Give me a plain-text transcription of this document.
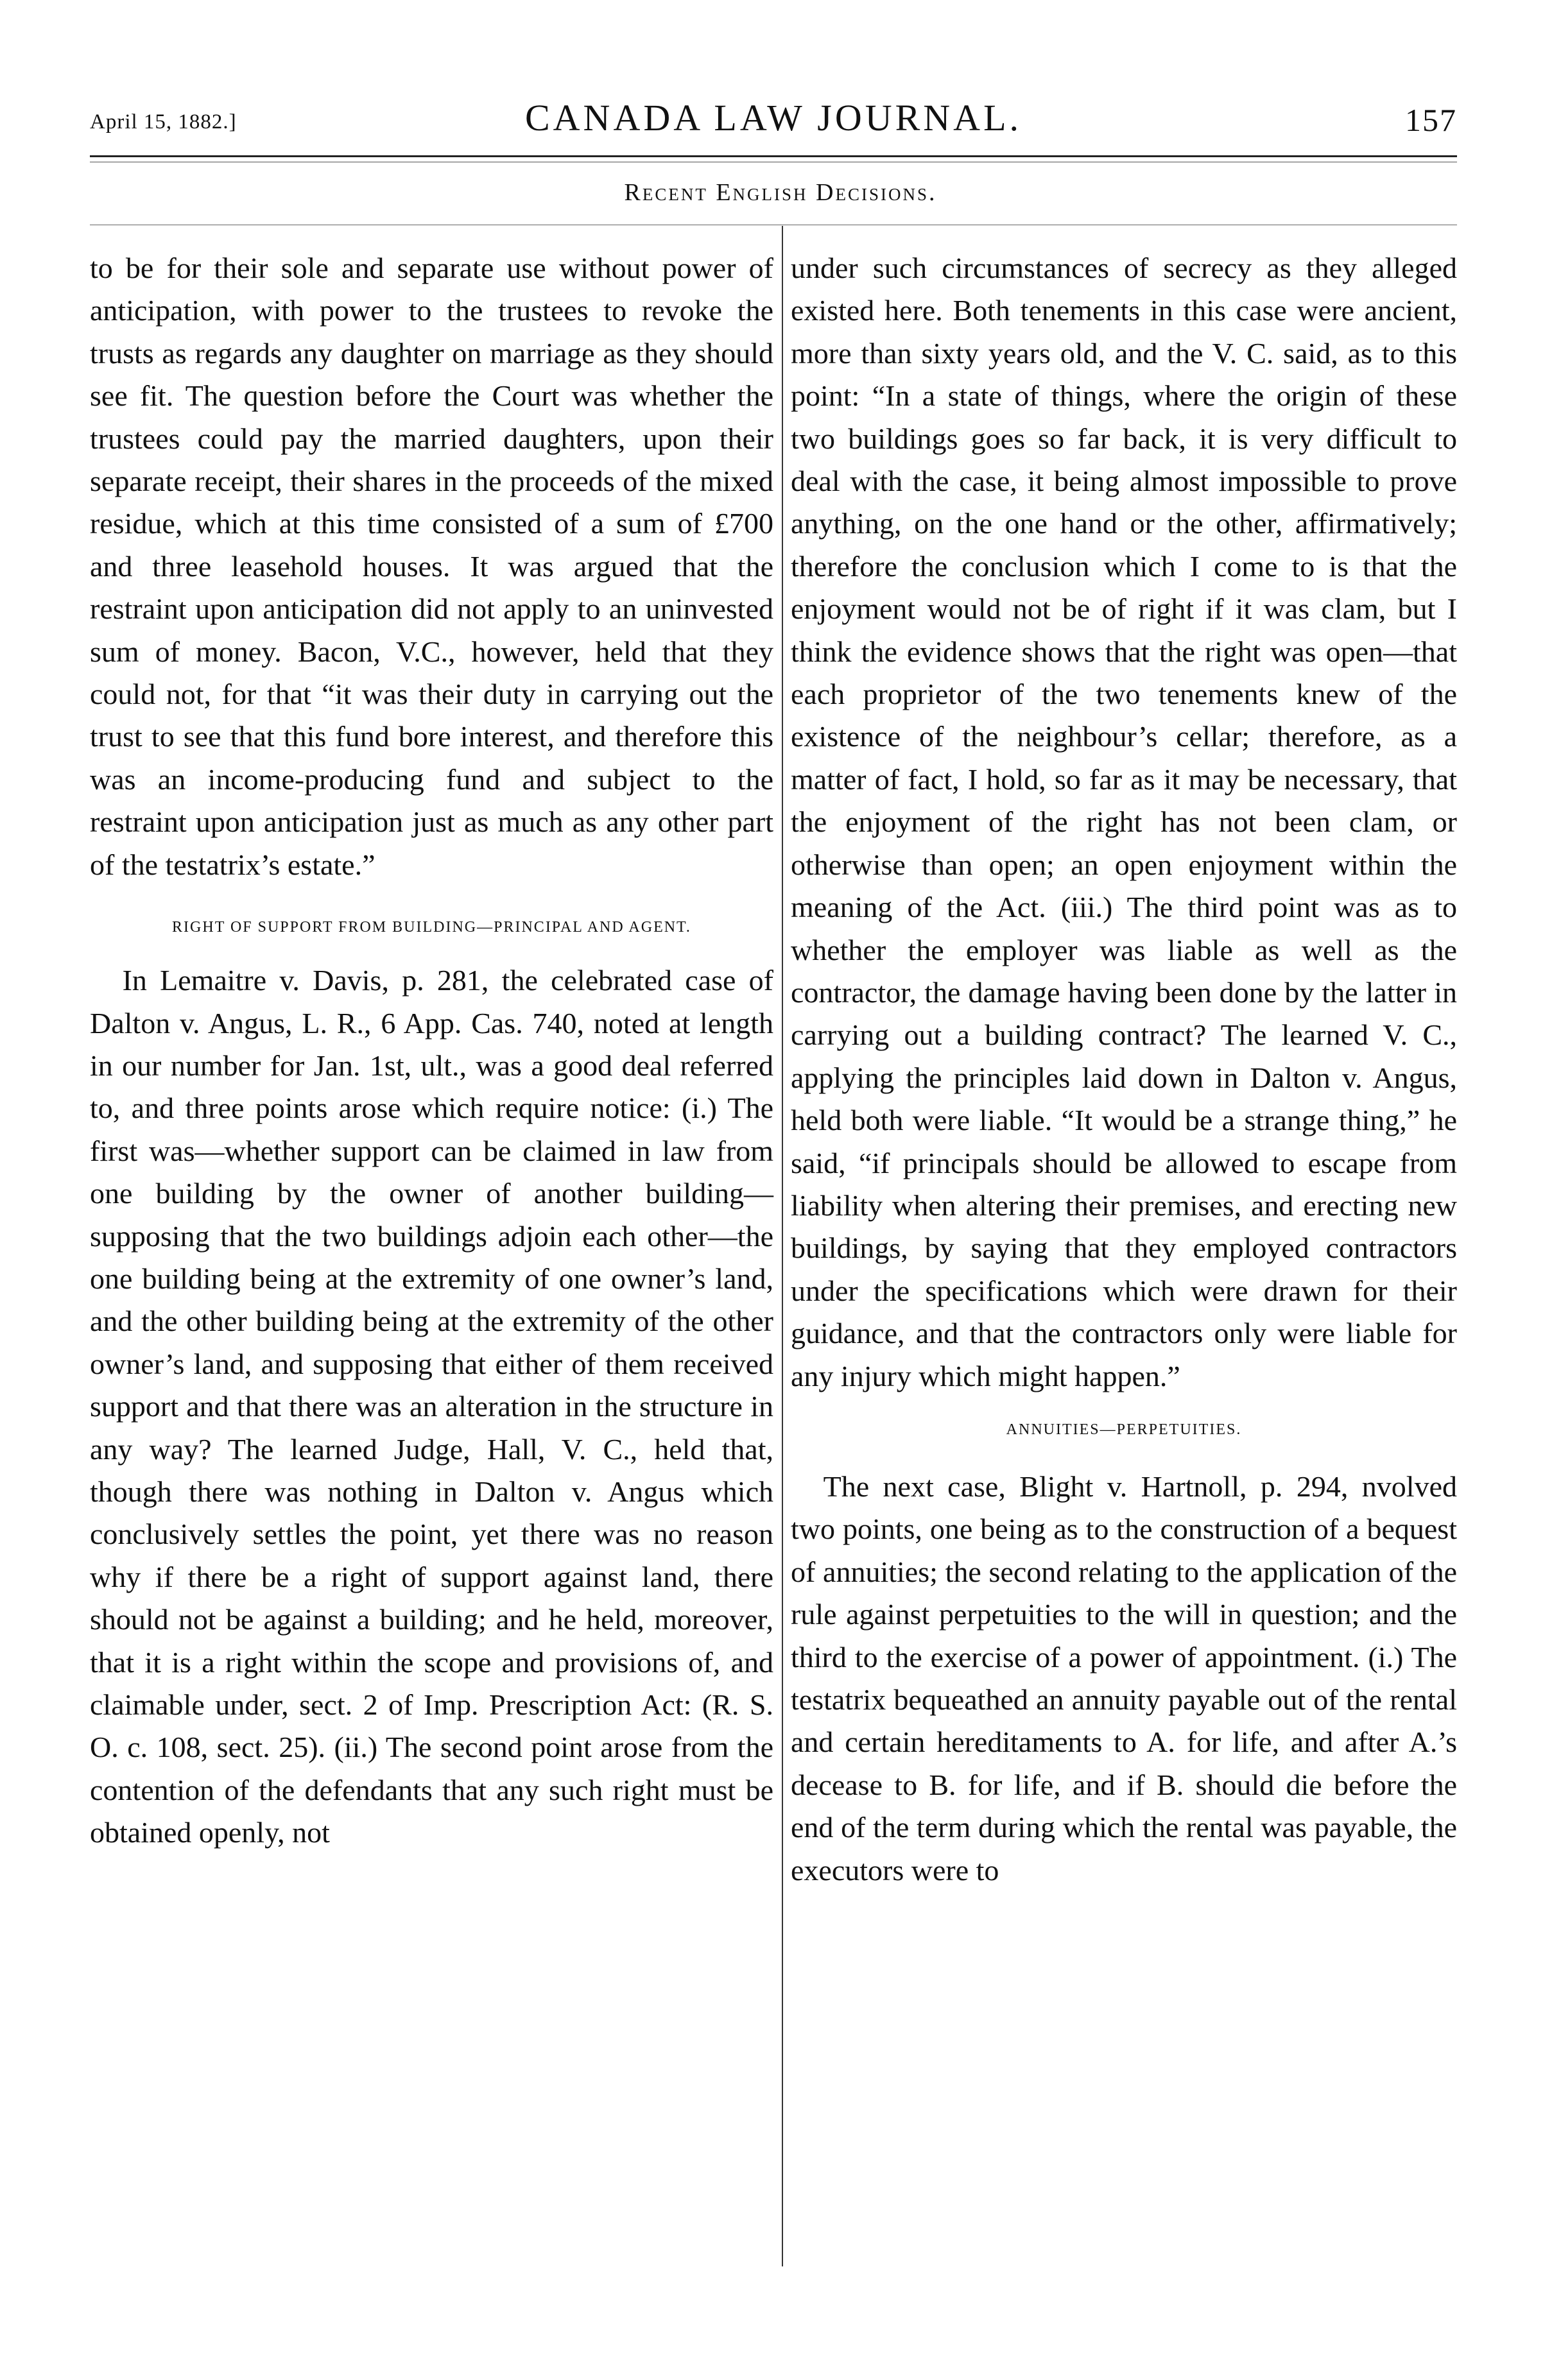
April 15, 1882.]	CANADA LAW JOURNAL.	157
Recent English Decisions.

to be for their sole and separate use without power of anticipation, with power to the trustees to revoke the trusts as regards any daughter on marriage as they should see fit. The question before the Court was whether the trustees could pay the married daughters, upon their separate receipt, their shares in the proceeds of the mixed residue, which at this time consisted of a sum of £700 and three leasehold houses. It was argued that the restraint upon anticipation did not apply to an uninvested sum of money. Bacon, V.C., however, held that they could not, for that “it was their duty in carrying out the trust to see that this fund bore interest, and therefore this was an income-producing fund and subject to the restraint upon anticipation just as much as any other part of the testatrix’s estate.”

RIGHT OF SUPPORT FROM BUILDING—PRINCIPAL AND AGENT.

In Lemaitre v. Davis, p. 281, the celebrated case of Dalton v. Angus, L. R., 6 App. Cas. 740, noted at length in our number for Jan. 1st, ult., was a good deal referred to, and three points arose which require notice: (i.) The first was—whether support can be claimed in law from one building by the owner of another building—supposing that the two buildings adjoin each other—the one building being at the extremity of one owner’s land, and the other building being at the extremity of the other owner’s land, and supposing that either of them received support and that there was an alteration in the structure in any way? The learned Judge, Hall, V. C., held that, though there was nothing in Dalton v. Angus which conclusively settles the point, yet there was no reason why if there be a right of support against land, there should not be against a building; and he held, moreover, that it is a right within the scope and provisions of, and claimable under, sect. 2 of Imp. Prescription Act: (R. S. O. c. 108, sect. 25). (ii.) The second point arose from the contention of the defendants that any such right must be obtained openly, not

under such circumstances of secrecy as they alleged existed here. Both tenements in this case were ancient, more than sixty years old, and the V. C. said, as to this point: “In a state of things, where the origin of these two buildings goes so far back, it is very difficult to deal with the case, it being almost impossible to prove anything, on the one hand or the other, affirmatively; therefore the conclusion which I come to is that the enjoyment would not be of right if it was clam, but I think the evidence shows that the right was open—that each proprietor of the two tenements knew of the existence of the neighbour’s cellar; therefore, as a matter of fact, I hold, so far as it may be necessary, that the enjoyment of the right has not been clam, or otherwise than open; an open enjoyment within the meaning of the Act. (iii.) The third point was as to whether the employer was liable as well as the contractor, the damage having been done by the latter in carrying out a building contract? The learned V. C., applying the principles laid down in Dalton v. Angus, held both were liable. “It would be a strange thing,” he said, “if principals should be allowed to escape from liability when altering their premises, and erecting new buildings, by saying that they employed contractors under the specifications which were drawn for their guidance, and that the contractors only were liable for any injury which might happen.”

ANNUITIES—PERPETUITIES.

The next case, Blight v. Hartnoll, p. 294, nvolved two points, one being as to the construction of a bequest of annuities; the second relating to the application of the rule against perpetuities to the will in question; and the third to the exercise of a power of appointment. (i.) The testatrix bequeathed an annuity payable out of the rental and certain hereditaments to A. for life, and after A.’s decease to B. for life, and if B. should die before the end of the term during which the rental was payable, the executors were to
